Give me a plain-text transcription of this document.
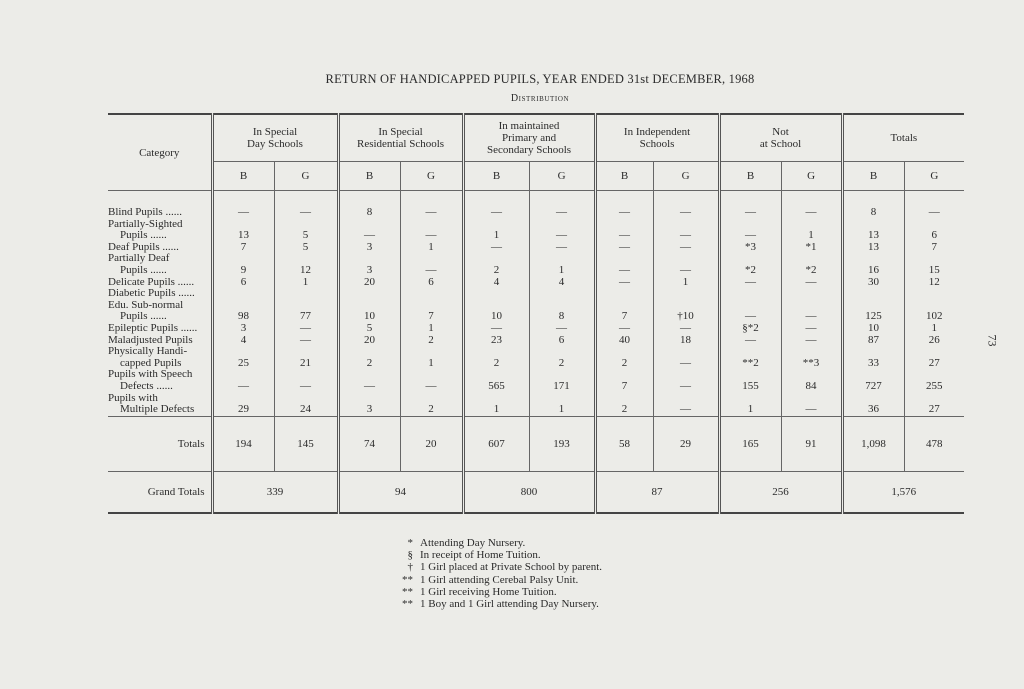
73
RETURN OF HANDICAPPED PUPILS, YEAR ENDED 31st DECEMBER, 1968
Distribution
Category	In Special
Day Schools		In Special
Residential Schools		In maintained
Primary and
Secondary Schools		In Independent
Schools		Not
at School		Totals	
	B	G	B	G	B	G	B	G	B	G	B	G

Blind Pupils ......	—	—	8	—	—	—	—	—	—	—	8	—

Partially-Sighted
Pupils ......	13	5	—	—	1	—	—	—	—	1	13	6

Deaf Pupils ......	7	5	3	1	—	—	—	—	*3	*1	13	7

Partially Deaf
Pupils ......	9	12	3	—	2	1	—	—	*2	*2	16	15

Delicate Pupils ......	6	1	20	6	4	4	—	1	—	—	30	12

Diabetic Pupils ......												

Edu. Sub-normal
Pupils ......	98	77	10	7	10	8	7	†10	—	—	125	102

Epileptic Pupils ......	3	—	5	1	—	—	—	—	§*2	—	10	1

Maladjusted Pupils	4	—	20	2	23	6	40	18	—	—	87	26

Physically Handi-
capped Pupils	25	21	2	1	2	2	2	—	**2	**3	33	27

Pupils with Speech
Defects ......	—	—	—	—	565	171	7	—	155	84	727	255

Pupils with
Multiple Defects	29	24	3	2	1	1	2	—	1	—	36	27
Totals	194	145	74	20	607	193	58	29	165	91	1,098	478
Grand Totals	339		94		800		87		256		1,576	
* Attending Day Nursery.
§ In receipt of Home Tuition.
† 1 Girl placed at Private School by parent.
** 1 Girl attending Cerebal Palsy Unit.
** 1 Girl receiving Home Tuition.
** 1 Boy and 1 Girl attending Day Nursery.
